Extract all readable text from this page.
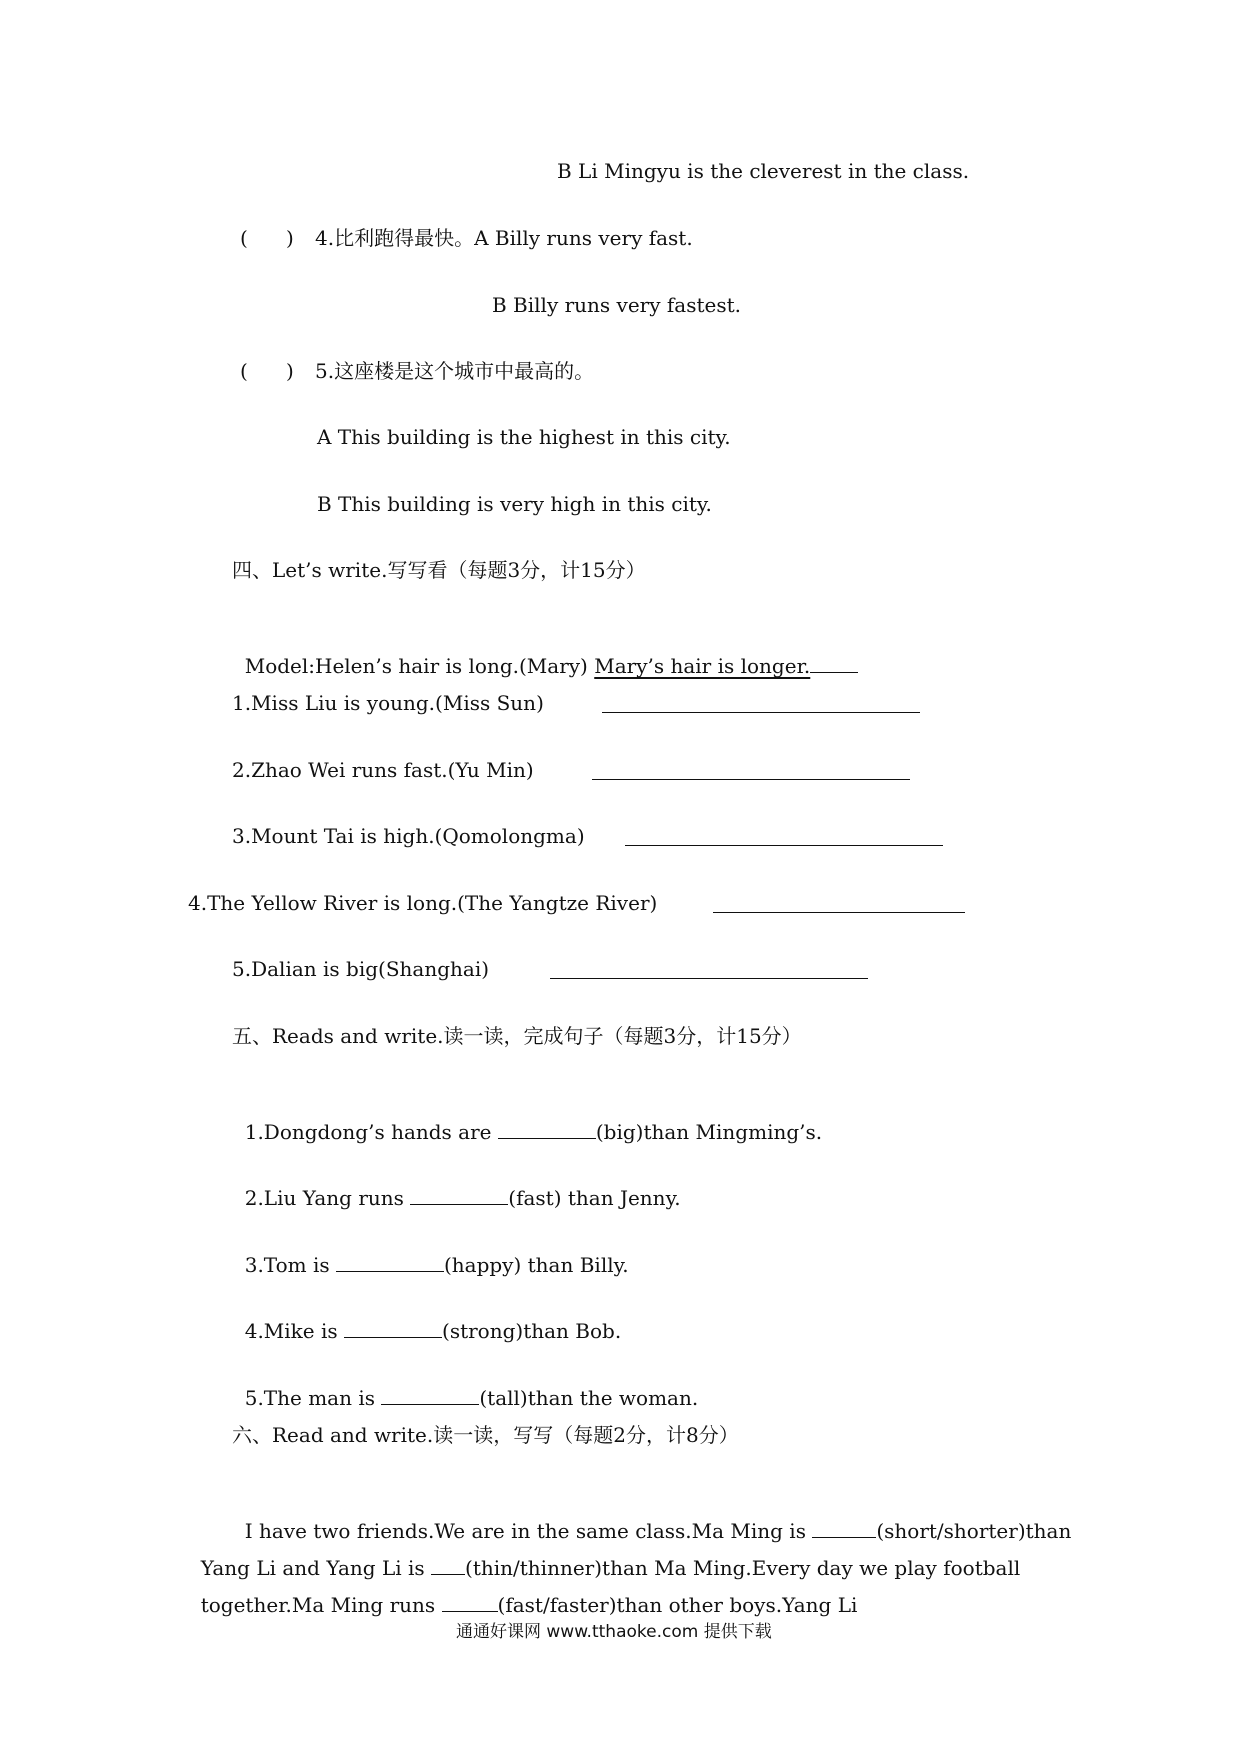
B Li Mingyu is the cleverest in the class.
(      ) 4.比利跑得最快。A Billy runs very fast.
B Billy runs very fastest.
(      ) 5.这座楼是这个城市中最高的。
A This building is the highest in this city.
B This building is very high in this city.
四、Let’s write.写写看（每题3分，计15分）

Model:Helen’s hair is long.(Mary) Mary’s hair is longer.

1.Miss Liu is young.(Miss Sun)
2.Zhao Wei runs fast.(Yu Min)
3.Mount Tai is high.(Qomolongma)
4.The Yellow River is long.(The Yangtze River)
5.Dalian is big(Shanghai)
五、Reads and write.读一读，完成句子（每题3分，计15分）

1.Dongdong’s hands are	(big)than Mingming’s.

2.Liu Yang runs	(fast) than Jenny.

3.Tom is	(happy) than Billy.

4.Mike is	(strong)than Bob.

5.The man is	(tall)than the woman.

六、Read and write.读一读，写写（每题2分，计8分）

I have two friends.We are in the same class.Ma Ming is	(short/shorter)than

Yang Li and Yang Li is (thin/thinner)than Ma Ming.Every day we play football

together.Ma Ming runs	(fast/faster)than other boys.Yang Li

通通好课网 www.tthaoke.com 提供下载
